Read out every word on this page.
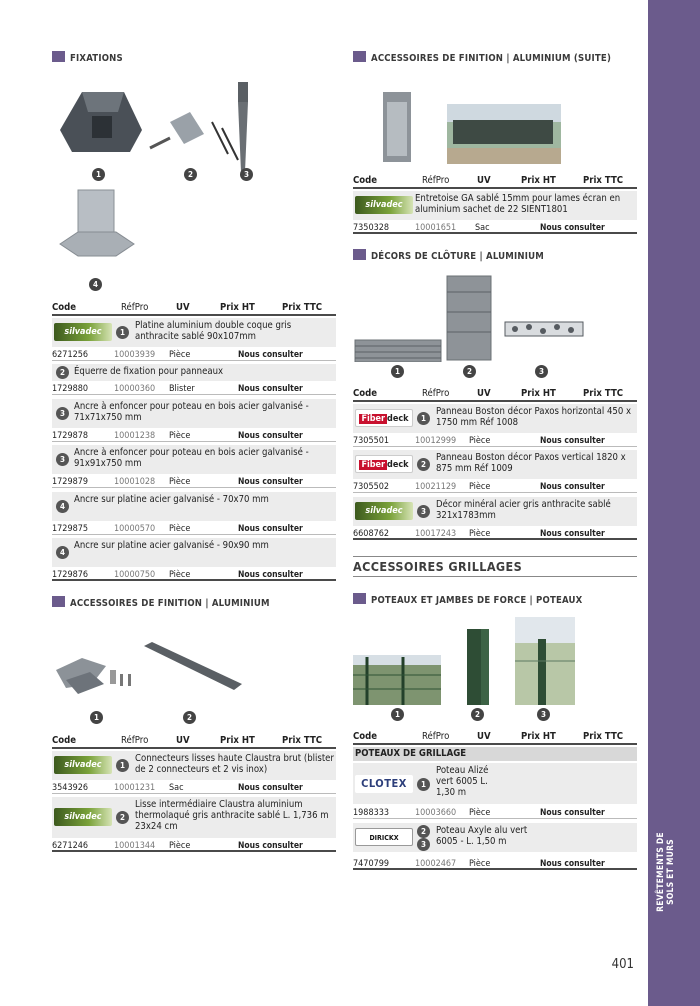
FIXATIONS
1	2	3
4
Code	RéfPro	UV	Prix HT	Prix TTC
silvadec	1
Platine aluminium double coque gris anthracite sablé 90x107mm
6271256	10003939 Pièce	Nous consulter
2 Équerre de fixation pour panneaux
1729880	10000360 Blister	Nous consulter
3
Ancre à enfoncer pour poteau en bois acier galvanisé - 71x71x750 mm
1729878	10001238 Pièce	Nous consulter
3
Ancre à enfoncer pour poteau en bois acier galvanisé - 91x91x750 mm
1729879	10001028 Pièce	Nous consulter
4
Ancre sur platine acier galvanisé - 70x70 mm
1729875	10000570 Pièce	Nous consulter
4
Ancre sur platine acier galvanisé - 90x90 mm
1729876	10000750 Pièce	Nous consulter
ACCESSOIRES DE FINITION | ALUMINIUM
1	2
Code	RéfPro	UV	Prix HT	Prix TTC
silvadec	1
Connecteurs lisses haute Claustra brut (blister de 2 connecteurs et 2 vis inox)
3543926	10001231 Sac	Nous consulter
silvadec	2
Lisse intermédiaire Claustra aluminium thermolaqué gris anthracite sablé L. 1,736 m 23x24 cm
6271246	10001344 Pièce	Nous consulter
ACCESSOIRES DE FINITION | ALUMINIUM (SUITE)
Code	RéfPro	UV	Prix HT	Prix TTC
silvadec
Entretoise GA sablé 15mm pour lames écran en aluminium sachet de 22 SIENT1801
7350328	10001651 Sac	Nous consulter
DÉCORS DE CLÔTURE | ALUMINIUM
1	2	3
Code	RéfPro	UV	Prix HT	Prix TTC
Fiber deck	1
Panneau Boston décor Paxos horizontal 450 x 1750 mm Réf 1008
7305501	10012999 Pièce	Nous consulter
Fiber deck	2
Panneau Boston décor Paxos vertical 1820 x 875 mm Réf 1009
7305502	10021129 Pièce	Nous consulter
silvadec	3
Décor minéral acier gris anthracite sablé 321x1783mm
6608762	10017243 Pièce	Nous consulter
ACCESSOIRES GRILLAGES
POTEAUX ET JAMBES DE FORCE | POTEAUX
1	2	3
Code	RéfPro	UV	Prix HT	Prix TTC
POTEAUX DE GRILLAGE
CLOTEX	1
Poteau Alizé vert 6005 L. 1,30 m
1988333	10003660 Pièce	Nous consulter
DIRICKX
2
3
Poteau Axyle alu vert 6005 - L. 1,50 m
7470799	10002467 Pièce	Nous consulter	REVÊTEMENTS DE SOLS ET MURS
401
